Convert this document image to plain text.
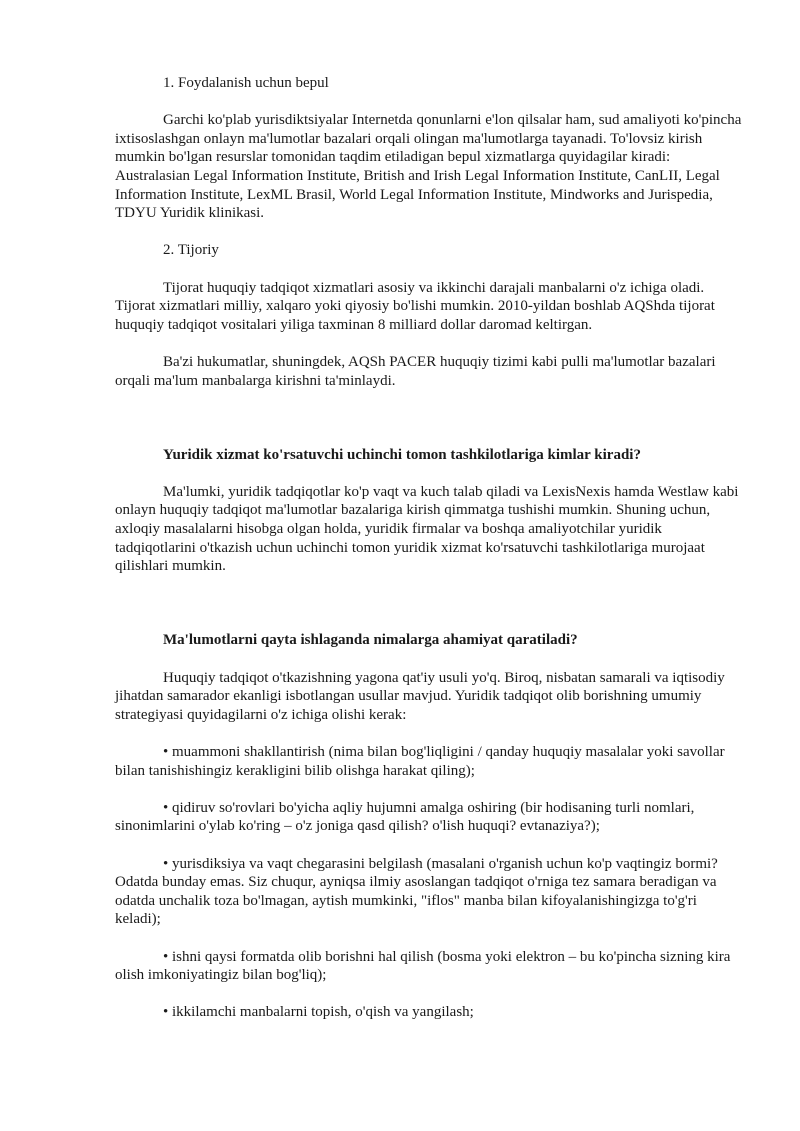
1. Foydalanish uchun bepul

Garchi ko'plab yurisdiktsiyalar Internetda qonunlarni e'lon qilsalar ham, sud amaliyoti ko'pincha ixtisoslashgan onlayn ma'lumotlar bazalari orqali olingan ma'lumotlarga tayanadi. To'lovsiz kirish mumkin bo'lgan resurslar tomonidan taqdim etiladigan bepul xizmatlarga quyidagilar kiradi: Australasian Legal Information Institute, British and Irish Legal Information Institute, CanLII, Legal Information Institute, LexML Brasil, World Legal Information Institute, Mindworks and Jurispedia, TDYU Yuridik klinikasi.

2. Tijoriy

Tijorat huquqiy tadqiqot xizmatlari asosiy va ikkinchi darajali manbalarni o'z ichiga oladi. Tijorat xizmatlari milliy, xalqaro yoki qiyosiy bo'lishi mumkin. 2010-yildan boshlab AQShda tijorat huquqiy tadqiqot vositalari yiliga taxminan 8 milliard dollar daromad keltirgan.

Ba'zi hukumatlar, shuningdek, AQSh PACER huquqiy tizimi kabi pulli ma'lumotlar bazalari orqali ma'lum manbalarga kirishni ta'minlaydi.

Yuridik xizmat ko'rsatuvchi uchinchi tomon tashkilotlariga kimlar kiradi?

Ma'lumki, yuridik tadqiqotlar ko'p vaqt va kuch talab qiladi va LexisNexis hamda Westlaw kabi onlayn huquqiy tadqiqot ma'lumotlar bazalariga kirish qimmatga tushishi mumkin. Shuning uchun, axloqiy masalalarni hisobga olgan holda, yuridik firmalar va boshqa amaliyotchilar yuridik tadqiqotlarini o'tkazish uchun uchinchi tomon yuridik xizmat ko'rsatuvchi tashkilotlariga murojaat qilishlari mumkin.

Ma'lumotlarni qayta ishlaganda nimalarga ahamiyat qaratiladi?

Huquqiy tadqiqot o'tkazishning yagona qat'iy usuli yo'q. Biroq, nisbatan samarali va iqtisodiy jihatdan samarador ekanligi isbotlangan usullar mavjud. Yuridik tadqiqot olib borishning umumiy strategiyasi quyidagilarni o'z ichiga olishi kerak:

• muammoni shakllantirish (nima bilan bog'liqligini / qanday huquqiy masalalar yoki savollar bilan tanishishingiz kerakligini bilib olishga harakat qiling);

• qidiruv so'rovlari bo'yicha aqliy hujumni amalga oshiring (bir hodisaning turli nomlari, sinonimlarini o'ylab ko'ring – o'z joniga qasd qilish? o'lish huquqi? evtanaziya?);

• yurisdiksiya va vaqt chegarasini belgilash (masalani o'rganish uchun ko'p vaqtingiz bormi? Odatda bunday emas. Siz chuqur, ayniqsa ilmiy asoslangan tadqiqot o'rniga tez samara beradigan va odatda unchalik toza bo'lmagan, aytish mumkinki, "iflos" manba bilan kifoyalanishingizga to'g'ri keladi);

• ishni qaysi formatda olib borishni hal qilish (bosma yoki elektron – bu ko'pincha sizning kira olish imkoniyatingiz bilan bog'liq);

• ikkilamchi manbalarni topish, o'qish va yangilash;
